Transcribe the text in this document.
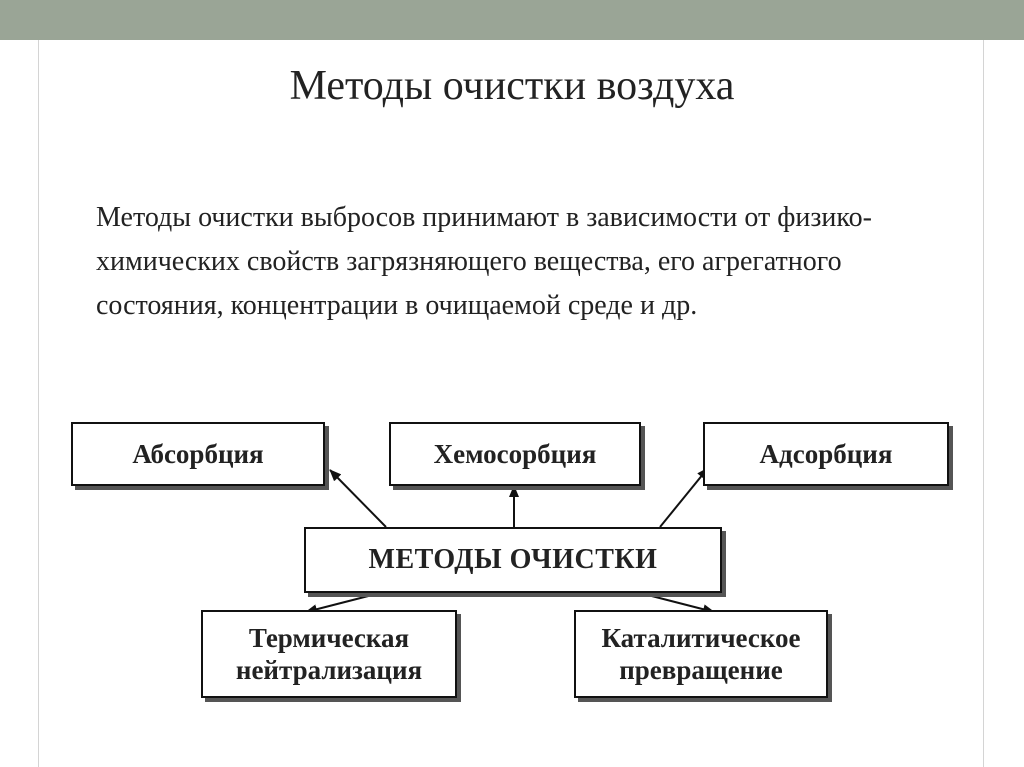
Методы очистки воздуха
Методы очистки выбросов принимают в зависимости от физико-химических свойств загрязняющего вещества, его агрегатного состояния, концентрации в очищаемой среде и др.
Абсорбция	Хемосорбция	Адсорбция
МЕТОДЫ ОЧИСТКИ
Термическая
нейтрализация
Каталитическое
превращение
